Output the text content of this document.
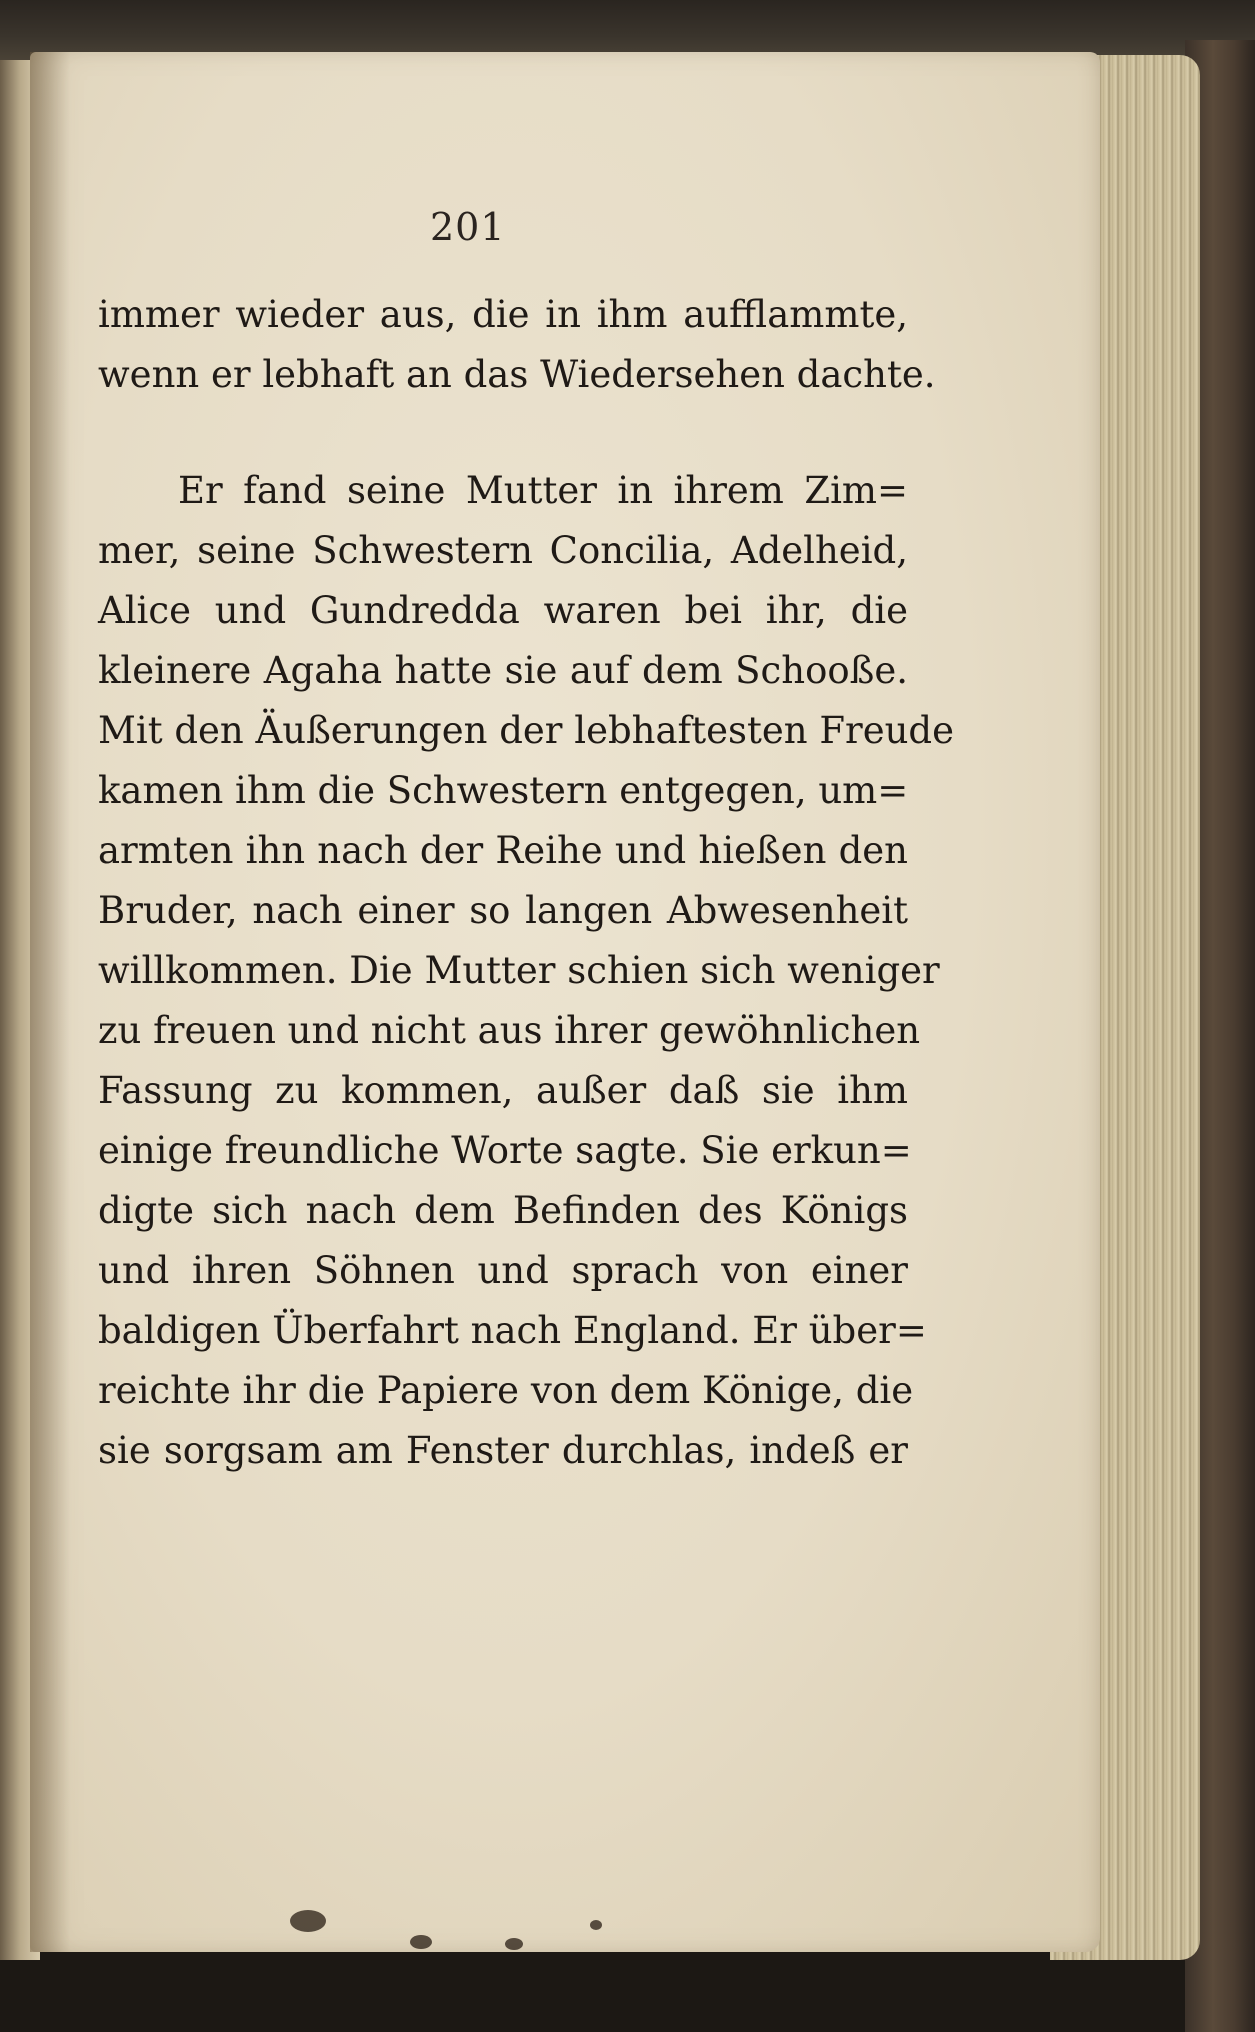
201
immer wieder aus, die in ihm aufflammte,
wenn er lebhaft an das Wiedersehen dachte.
Er fand seine Mutter in ihrem Zim=
mer, seine Schwestern Concilia, Adelheid,
Alice und Gundredda waren bei ihr, die
kleinere Agaha hatte sie auf dem Schooße.
Mit den Äußerungen der lebhaftesten Freude
kamen ihm die Schwestern entgegen, um=
armten ihn nach der Reihe und hießen den
Bruder, nach einer so langen Abwesenheit
willkommen. Die Mutter schien sich weniger
zu freuen und nicht aus ihrer gewöhnlichen
Fassung zu kommen, außer daß sie ihm
einige freundliche Worte sagte. Sie erkun=
digte sich nach dem Befinden des Königs
und ihren Söhnen und sprach von einer
baldigen Überfahrt nach England. Er über=
reichte ihr die Papiere von dem Könige, die
sie sorgsam am Fenster durchlas, indeß er
